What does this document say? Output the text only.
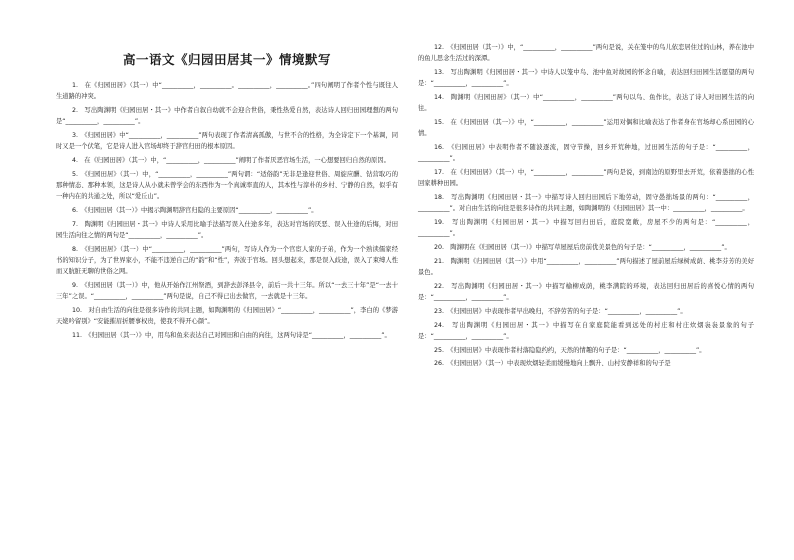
高一语文《归园田居其一》情境默写

1.　在《归园田居》（其一）中“__________，__________。__________，__________。”四句阐明了作者个性与既往人生道路的冲突。

2.　写出陶渊明《归园田居・其一》中作者自叙自幼就不会迎合世俗，秉性热爱自然，表达诗人回归田园理想的两句是“__________，__________”。

3.　《归园田居》中“__________，__________”两句表现了作者清高孤傲，与世不合的性格，为全诗定下一个基调，同时又是一个伏笔，它是诗人进入官场却终于辞官归田的根本原因。

4.　在《归园田居》（其一）中，“__________，__________”阐明了作者厌恶官场生活，一心想要回归自然的原因。

5.　《归园田居》（其一）中，“__________，__________”两句谓：“适俗韵”无非是逢迎世俗、周旋应酬、钻营取巧的那种情态、那种本领，这是诗人从小就未曾学会的东西作为一个真诚率直的人，其本性与淳朴的乡村、宁静的自然，似乎有一种内在的共通之处，所以“爱丘山”。

6.　《归园田居（其一）》中揭示陶渊明辞官归隐的主要原因“__________，__________”。

7.　陶渊明《归园田居・其一》中诗人采用比喻手法描写误入仕途多年，表达对官场的厌恶、误入仕途的后悔，对田园生活向往之情的两句是“__________，__________”。

8.　《归园田居》（其一）中“__________，__________”两句，写诗人作为一个官宦人家的子弟，作为一个熟读儒家经书的知识分子，为了世界家小，不能不违逆自己的“韵”和“性”，奔波于官场。回头想起来，那是误入歧途，误入了束缚人性而又肮脏无聊的世俗之网。

9.　《归园田居（其一）》中，他从开始作江州祭酒，到辞去彭泽县令，前后一共十三年。所以“一去三十年”是“一去十三年”之误。“__________，__________”两句是说，自己不得已出去做官，一去就是十三年。

10.　对自由生活的向往是很多诗作的共同主题，如陶渊明的《归园田居》“__________，__________”，李白的《梦游天姥吟留别》“安能摧眉折腰事权贵，使我不得开心颜”。

11.　《归园田居（其一）》中，用鸟和鱼来表达自己对园田和自由的向往，这两句诗是“__________，__________”。

12.　《归园田居（其一）》中，“__________，__________”两句是说，关在笼中的鸟儿依恋居住过的山林，养在池中的鱼儿思念生活过的深潭。

13.　写出陶渊明《归园田居・其一》中诗人以笼中鸟、池中鱼对故园的怀念自喻，表达回归田园生活愿望的两句是：“__________，__________”。

14.　陶渊明《归园田居》（其一）中“__________，__________”两句以鸟、鱼作比，表达了诗人对田园生活的向往。

15.　在《归园田居（其一）》中，“__________，__________”运用对偶和比喻表达了作者身在官场却心系田园的心情。

16.　《归园田居》中表明作者不随波逐流，固守节操，回乡开荒种地，过田园生活的句子是：“__________，__________”。

17.　在《归园田居》（其一）中，“__________，__________”两句是说，到南边的原野里去开荒，依着愚拙的心性回家耕种田园。

18.　写出陶渊明《归园田居・其一》中描写诗人回归田园后下地劳动，固守愚拙场景的两句：“__________，__________”。对自由生活的向往是很多诗作的共同主题，如陶渊明的《归园田居》其一中：__________，__________。

19.　写出陶渊明《归园田居・其一》中描写回归田后，庭院宽敞，房屋不少的两句是：“__________，__________”。

20.　陶渊明在《归园田居（其一）》中描写草屋屋后房前优美景色的句子是：“__________，__________”。

21.　陶渊明《归园田居（其一）》中用“__________，__________”两句描述了屋前屋后绿树成荫、桃李芬芳的美好景色。

22.　写出陶渊明《归园田居・其一》中描写榆柳成荫，桃李满院的环境，表达回归田居后的喜悦心情的两句是：“__________，__________”。

23.　《归园田居》中表现作者早出晚归，不辞劳苦的句子是：“__________，__________”。

24.　写出陶渊明《归园田居・其一》中描写在自家庭院能看到远处的村庄和村庄炊烟袅袅景象的句子是：“__________，__________”。

25.　《归园田居》中表现作者村落隐隐约约，天然的情趣的句子是：“__________，__________”。

26.　《归园田居》（其一）中表现炊烟轻柔而缓慢地向上飘升、山村安静祥和的句子是
